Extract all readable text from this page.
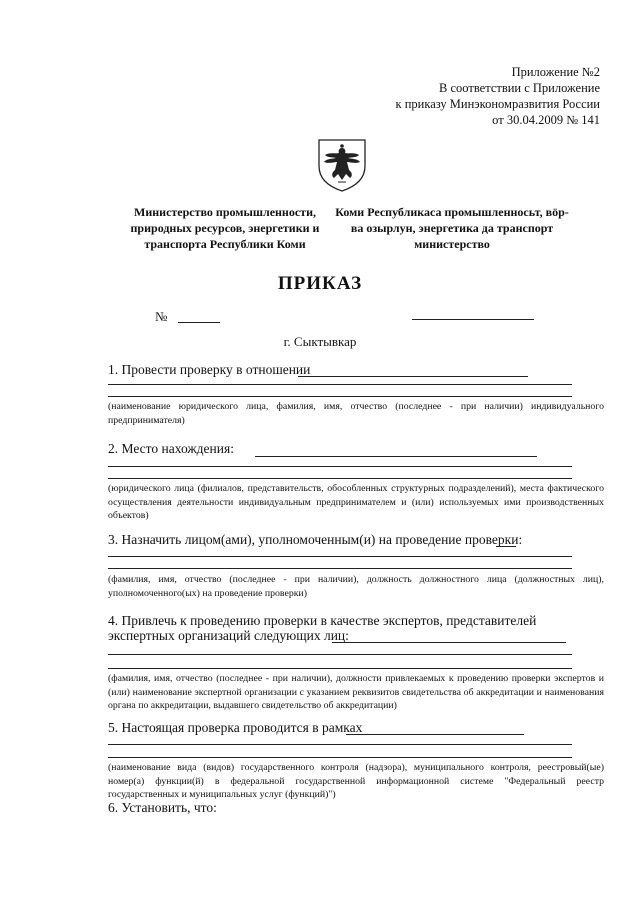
Приложение №2
В соответствии с Приложение
к приказу Минэкономразвития России
от 30.04.2009 № 141
Министерство промышленности, природных ресурсов, энергетики и транспорта Республики Коми
Коми Республикаса промышленносьт, вӧр-ва озырлун, энергетика да транспорт министерство
ПРИКАЗ
№
г. Сыктывкар
1. Провести проверку в отношении
(наименование юридического лица, фамилия, имя, отчество (последнее - при наличии) индивидуального предпринимателя)
2. Место нахождения:
(юридического лица (филиалов, представительств, обособленных структурных подразделений), места фактического осуществления деятельности индивидуальным предпринимателем и (или) используемых ими производственных объектов)
3. Назначить лицом(ами), уполномоченным(и) на проведение проверки:
(фамилия, имя, отчество (последнее - при наличии), должность должностного лица (должностных лиц), уполномоченного(ых) на проведение проверки)
4. Привлечь к проведению проверки в качестве экспертов, представителей
экспертных организаций следующих лиц:
(фамилия, имя, отчество (последнее - при наличии), должности привлекаемых к проведению проверки экспертов и (или) наименование экспертной организации с указанием реквизитов свидетельства об аккредитации и наименования органа по аккредитации, выдавшего свидетельство об аккредитации)
5. Настоящая проверка проводится в рамках
(наименование вида (видов) государственного контроля (надзора), муниципального контроля, реестровый(ые) номер(а) функции(й) в федеральной государственной информационной системе "Федеральный реестр государственных и муниципальных услуг (функций)")
6. Установить, что:
